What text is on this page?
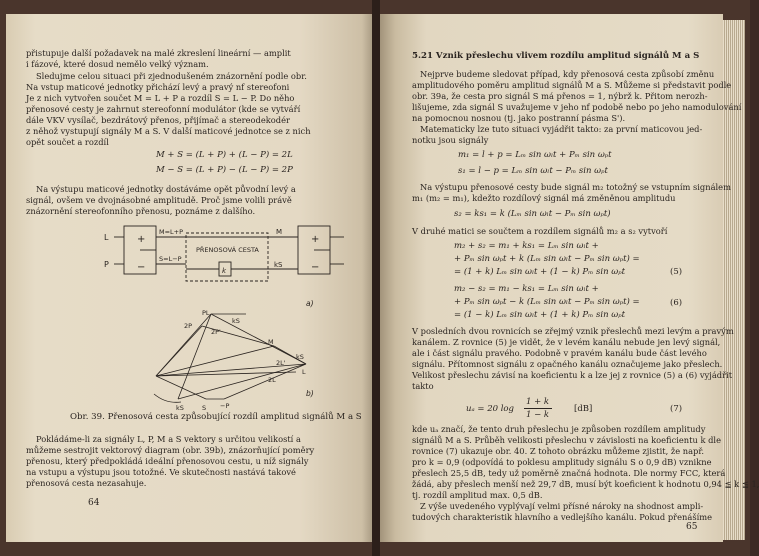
přistupuje další požadavek na malé zkreslení lineární — amplit
i fázové, které dosud nemělo velký význam.
Sledujme celou situaci při zjednodušeném znázornění podle obr.
Na vstup maticové jednotky přichází levý a pravý nf stereofoni
Je z nich vytvořen součet M = L + P a rozdíl S = L − P. Do něho
přenosové cesty je zahrnut stereofonní modulátor (kde se vytváří
dále VKV vysílač, bezdrátový přenos, přijímač a stereodekodér
z něhož vystupují signály M a S. V další maticové jednotce se z nich
opět součet a rozdíl
M + S = (L + P) + (L − P) = 2L
M − S = (L + P) − (L − P) = 2P
Na výstupu maticové jednotky dostáváme opět původní levý a
signál, ovšem ve dvojnásobné amplitudě. Proč jsme volili právě
znázornění stereofonního přenosu, poznáme z dalšího.
L
P
+
−
M=L+P
S=L−P
PŘENOSOVÁ CESTA
k
M
kS
+
−
a)
2P
2P'
PL
kS
M
2L'
2L
kS
L
kS	S −P
b)
Obr. 39. Přenosová cesta způsobující rozdíl amplitud signálů M a S
Pokládáme-li za signály L, P, M a S vektory s určitou velikostí a
můžeme sestrojit vektorový diagram (obr. 39b), znázorňující poměry
přenosu, který předpokládá ideální přenosovou cestu, u níž signály
na vstupu a výstupu jsou totožné. Ve skutečnosti nastává takové
přenosová cesta nezasahuje.
64
5.21 Vznik přeslechu vlivem rozdílu amplitud signálů M a S
Nejprve budeme sledovat případ, kdy přenosová cesta způsobí změnu
amplitudového poměru amplitud signálů M a S. Můžeme si představit podle
obr. 39a, že cesta pro signál S má přenos = 1, nýbrž k. Přitom nerozh-
lišujeme, zda signál S uvažujeme v jeho nf podobě nebo po jeho namodulování
na pomocnou nosnou (tj. jako postranní pásma S').
Matematicky lze tuto situaci vyjádřit takto: za první maticovou jed-
notku jsou signály
m₁ = l + p = Lₘ sin ωₗt + Pₘ sin ωₚt
s₁ = l − p = Lₘ sin ωₗt − Pₘ sin ωₚt
Na výstupu přenosové cesty bude signál m₂ totožný se vstupním signálem
m₁ (m₂ = m₁), kdežto rozdílový signál má změněnou amplitudu
s₂ = ks₁ = k (Lₘ sin ωₗt − Pₘ sin ωₚt)
V druhé matici se součtem a rozdílem signálů m₂ a s₂ vytvoří
m₂ + s₂ = m₁ + ks₁ = Lₘ sin ωₗt +
+ Pₘ sin ωₚt + k (Lₘ sin ωₗt − Pₘ sin ωₚt) =
= (1 + k) Lₘ sin ωₗt + (1 − k) Pₘ sin ωₚt	(5)
m₂ − s₂ = m₁ − ks₁ = Lₘ sin ωₗt +
+ Pₘ sin ωₚt − k (Lₘ sin ωₗt − Pₘ sin ωₚt) =
= (1 − k) Lₘ sin ωₗt + (1 + k) Pₘ sin ωₚt
(6)
V posledních dvou rovnicích se zřejmý vznik přeslechů mezi levým a pravým
kanálem. Z rovnice (5) je vidět, že v levém kanálu nebude jen levý signál,
ale i část signálu pravého. Podobně v pravém kanálu bude část levého
signálu. Přítomnost signálu z opačného kanálu označujeme jako přeslech.
Velikost přeslechu závisí na koeficientu k a lze jej z rovnice (5) a (6) vyjádřit
takto
uₐ = 20 log
1 + k
1 − k
[dB]	(7)
kde uₐ značí, že tento druh přeslechu je způsoben rozdílem amplitudy
signálů M a S. Průběh velikosti přeslechu v závislosti na koeficientu k dle
rovnice (7) ukazuje obr. 40. Z tohoto obrázku můžeme zjistit, že např.
pro k = 0,9 (odpovídá to poklesu amplitudy signálu S o 0,9 dB) vznikne
přeslech 25,5 dB, tedy už poměrně značná hodnota. Dle normy FCC, která
žádá, aby přeslech menší než 29,7 dB, musí být koeficient k hodnotu 0,94 ≦ k ≦ 1,
tj. rozdíl amplitud max. 0,5 dB.
Z výše uvedeného vyplývají velmi přísné nároky na shodnost ampli-
tudových charakteristik hlavního a vedlejšího kanálu. Pokud přenášíme
65
